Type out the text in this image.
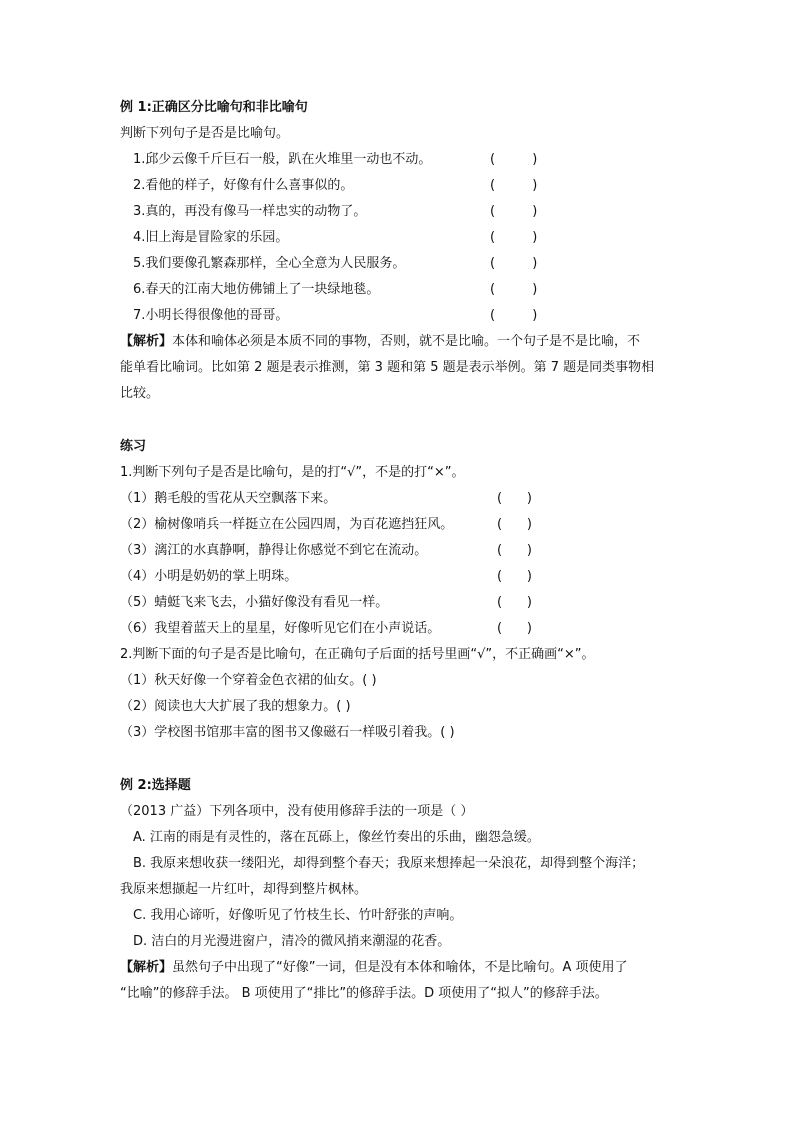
例 1:正确区分比喻句和非比喻句
判断下列句子是否是比喻句。
1.邱少云像千斤巨石一般，趴在火堆里一动也不动。	(         )
2.看他的样子，好像有什么喜事似的。	(         )
3.真的，再没有像马一样忠实的动物了。	(         )
4.旧上海是冒险家的乐园。	(         )
5.我们要像孔繁森那样，全心全意为人民服务。	(         )
6.春天的江南大地仿佛铺上了一块绿地毯。	(         )
7.小明长得很像他的哥哥。	(         )
【解析】本体和喻体必须是本质不同的事物，否则，就不是比喻。一个句子是不是比喻，不
能单看比喻词。比如第 2 题是表示推测，第 3 题和第 5 题是表示举例。第 7 题是同类事物相
比较。
练习
1.判断下列句子是否是比喻句，是的打“√”，不是的打“×”。
（1）鹅毛般的雪花从天空飘落下来。	(      )
（2）榆树像哨兵一样挺立在公园四周，为百花遮挡狂风。	(      )
（3）漓江的水真静啊，静得让你感觉不到它在流动。	(      )
（4）小明是奶奶的掌上明珠。	(      )
（5）蜻蜓飞来飞去，小猫好像没有看见一样。	(      )
（6）我望着蓝天上的星星，好像听见它们在小声说话。	(      )
2.判断下面的句子是否是比喻句，在正确句子后面的括号里画“√”，不正确画“×”。
（1）秋天好像一个穿着金色衣裙的仙女。( )
（2）阅读也大大扩展了我的想象力。( )
（3）学校图书馆那丰富的图书又像磁石一样吸引着我。( )
例 2:选择题
（2013 广益）下列各项中，没有使用修辞手法的一项是（ ）
A. 江南的雨是有灵性的，落在瓦砾上，像丝竹奏出的乐曲，幽怨急缓。
B. 我原来想收获一缕阳光，却得到整个春天；我原来想捧起一朵浪花，却得到整个海洋；
我原来想撷起一片红叶，却得到整片枫林。
C. 我用心谛听，好像听见了竹枝生长、竹叶舒张的声响。
D. 洁白的月光漫进窗户，清冷的微风捎来潮湿的花香。
【解析】虽然句子中出现了“好像”一词，但是没有本体和喻体，不是比喻句。A 项使用了
“比喻”的修辞手法。 B 项使用了“排比”的修辞手法。D 项使用了“拟人”的修辞手法。
